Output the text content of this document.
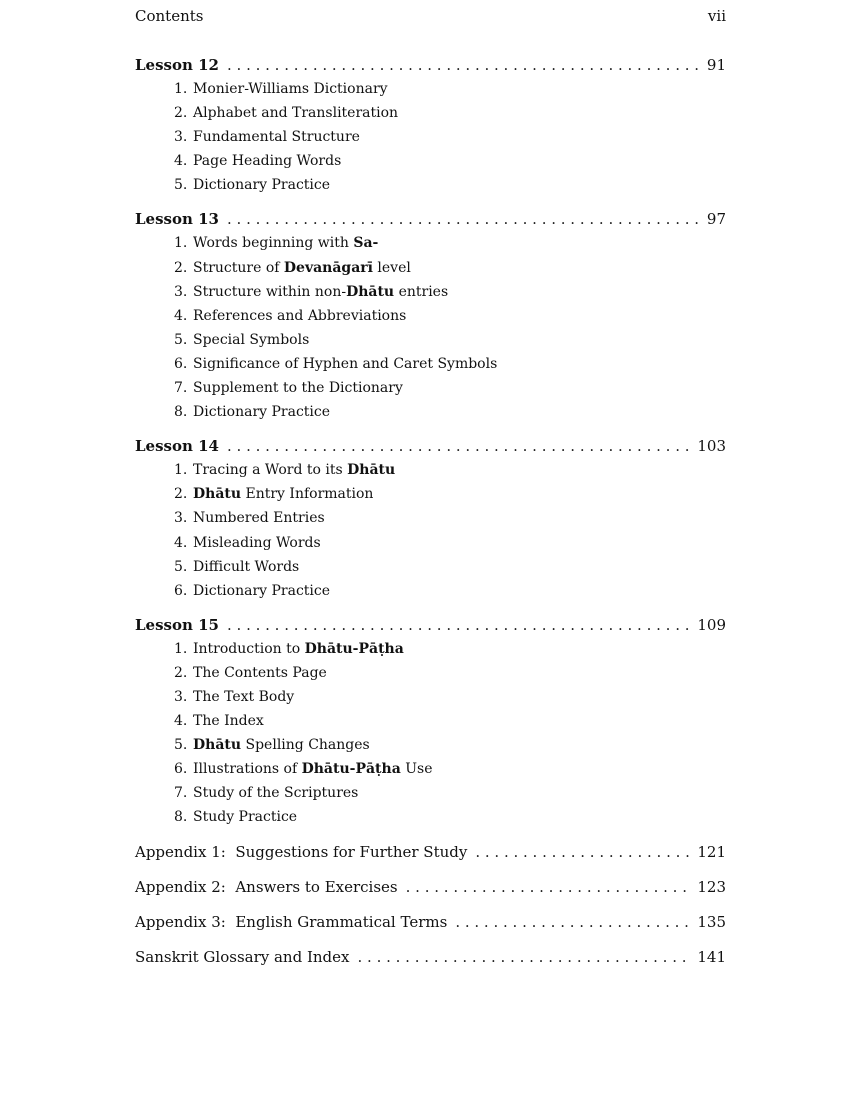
Contents	vii
Lesson 12 . . .	91
1. Monier-Williams Dictionary
2. Alphabet and Transliteration
3. Fundamental Structure
4. Page Heading Words
5. Dictionary Practice
Lesson 13 . . .	97
1. Words beginning with Sa-
2. Structure of Devanāgarī level
3. Structure within non-Dhātu entries
4. References and Abbreviations
5. Special Symbols
6. Significance of Hyphen and Caret Symbols
7. Supplement to the Dictionary
8. Dictionary Practice
Lesson 14 . . .	103
1. Tracing a Word to its Dhātu
2. Dhātu Entry Information
3. Numbered Entries
4. Misleading Words
5. Difficult Words
6. Dictionary Practice
Lesson 15 . . .	109
1. Introduction to Dhātu-Pāṭha
2. The Contents Page
3. The Text Body
4. The Index
5. Dhātu Spelling Changes
6. Illustrations of Dhātu-Pāṭha Use
7. Study of the Scriptures
8. Study Practice
Appendix 1:  Suggestions for Further Study . . .	121
Appendix 2:  Answers to Exercises . . .	123
Appendix 3:  English Grammatical Terms . . .	135
Sanskrit Glossary and Index . . .	141
